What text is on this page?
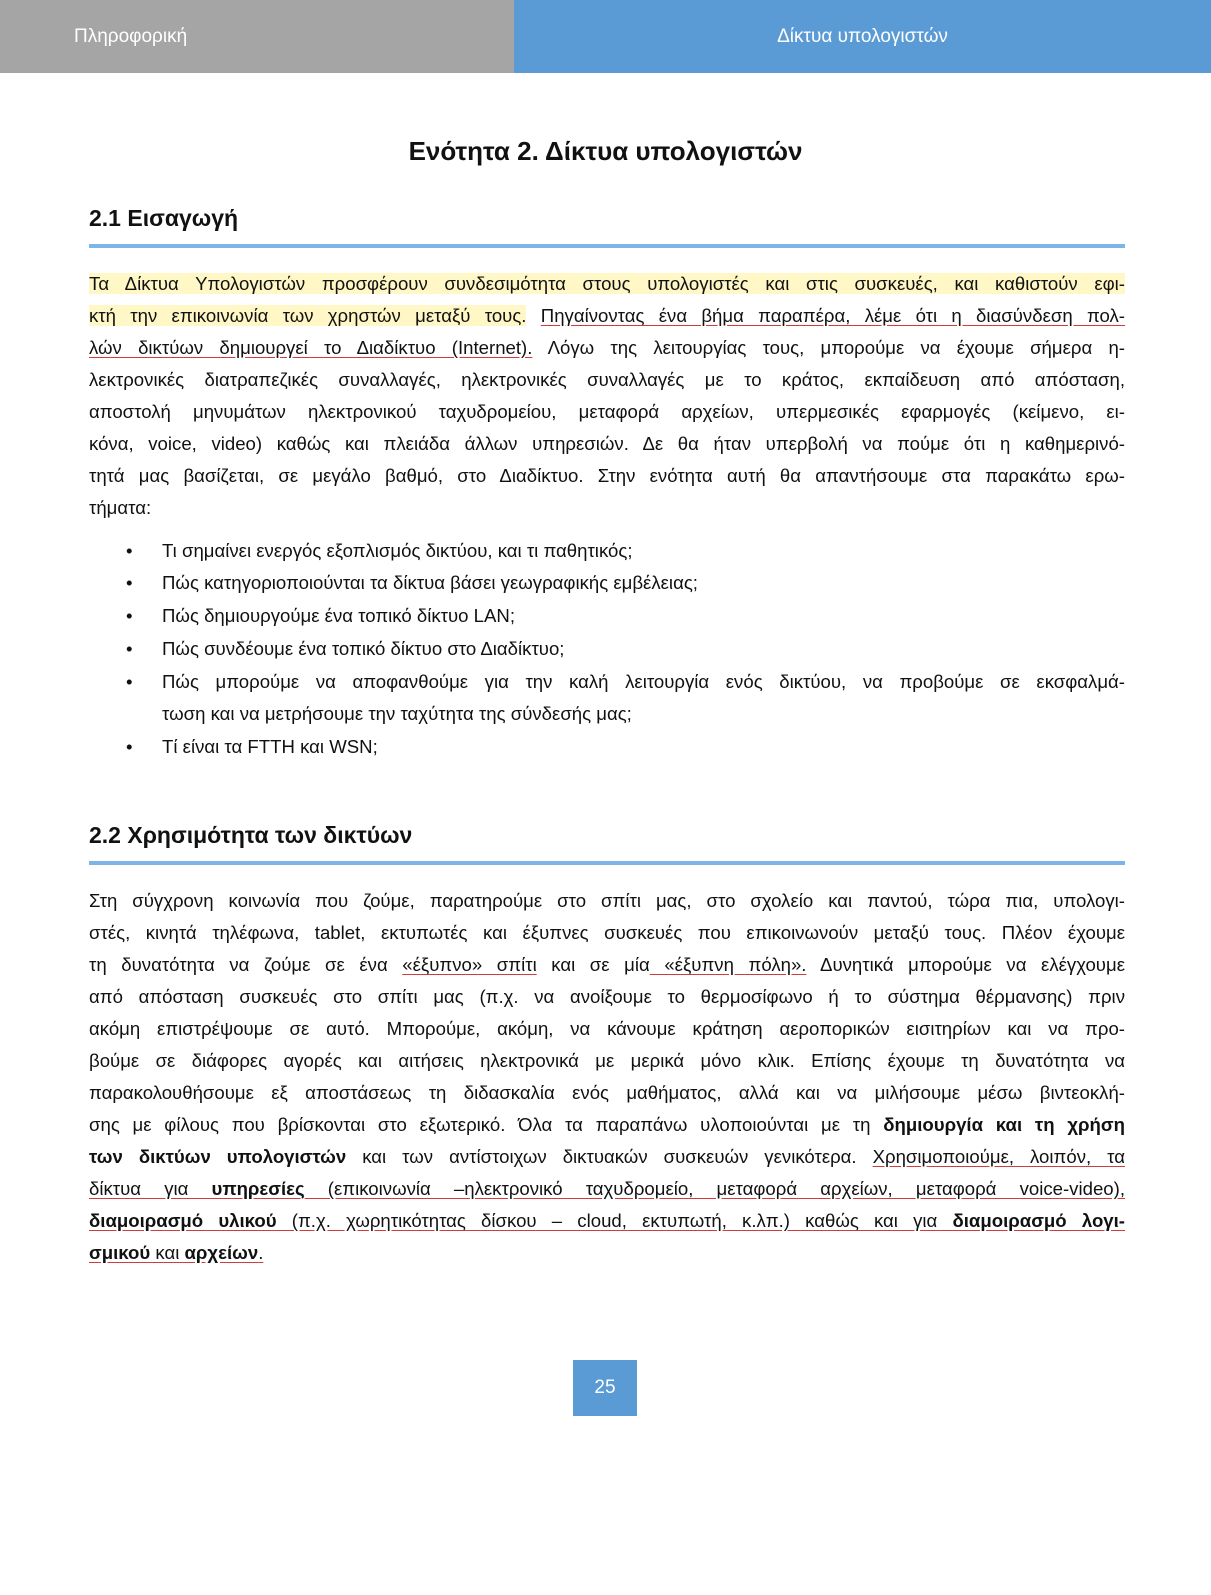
Πληροφορική	Δίκτυα υπολογιστών
Ενότητα 2. Δίκτυα υπολογιστών
2.1 Εισαγωγή
Τα Δίκτυα Υπολογιστών προσφέρουν συνδεσιμότητα στους υπολογιστές και στις συσκευές, και καθιστούν εφι-
κτή την επικοινωνία των χρηστών μεταξύ τους. Πηγαίνοντας ένα βήμα παραπέρα, λέμε ότι η διασύνδεση πολ-
λών δικτύων δημιουργεί το Διαδίκτυο (Internet). Λόγω της λειτουργίας τους, μπορούμε να έχουμε σήμερα η-
λεκτρονικές διατραπεζικές συναλλαγές, ηλεκτρονικές συναλλαγές με το κράτος, εκπαίδευση από απόσταση,
αποστολή μηνυμάτων ηλεκτρονικού ταχυδρομείου, μεταφορά αρχείων, υπερμεσικές εφαρμογές (κείμενο, ει-
κόνα, voice, video) καθώς και πλειάδα άλλων υπηρεσιών. Δε θα ήταν υπερβολή να πούμε ότι η καθημερινό-
τητά μας βασίζεται, σε μεγάλο βαθμό, στο Διαδίκτυο. Στην ενότητα αυτή θα απαντήσουμε στα παρακάτω ερω-
τήματα:
• Τι σημαίνει ενεργός εξοπλισμός δικτύου, και τι παθητικός;
• Πώς κατηγοριοποιούνται τα δίκτυα βάσει γεωγραφικής εμβέλειας;
• Πώς δημιουργούμε ένα τοπικό δίκτυο LAN;
• Πώς συνδέουμε ένα τοπικό δίκτυο στο Διαδίκτυο;
• Πώς μπορούμε να αποφανθούμε για την καλή λειτουργία ενός δικτύου, να προβούμε σε εκσφαλμά-
τωση και να μετρήσουμε την ταχύτητα της σύνδεσής μας;
• Τί είναι τα FTTH και WSN;
2.2 Χρησιμότητα των δικτύων
Στη σύγχρονη κοινωνία που ζούμε, παρατηρούμε στο σπίτι μας, στο σχολείο και παντού, τώρα πια, υπολογι-
στές, κινητά τηλέφωνα, tablet, εκτυπωτές και έξυπνες συσκευές που επικοινωνούν μεταξύ τους. Πλέον έχουμε
τη δυνατότητα να ζούμε σε ένα «έξυπνο» σπίτι και σε μία «έξυπνη πόλη». Δυνητικά μπορούμε να ελέγχουμε
από απόσταση συσκευές στο σπίτι μας (π.χ. να ανοίξουμε το θερμοσίφωνο ή το σύστημα θέρμανσης) πριν
ακόμη επιστρέψουμε σε αυτό. Μπορούμε, ακόμη, να κάνουμε κράτηση αεροπορικών εισιτηρίων και να προ-
βούμε σε διάφορες αγορές και αιτήσεις ηλεκτρονικά με μερικά μόνο κλικ. Επίσης έχουμε τη δυνατότητα να
παρακολουθήσουμε εξ αποστάσεως τη διδασκαλία ενός μαθήματος, αλλά και να μιλήσουμε μέσω βιντεοκλή-
σης με φίλους που βρίσκονται στο εξωτερικό. Όλα τα παραπάνω υλοποιούνται με τη δημιουργία και τη χρήση
των δικτύων υπολογιστών και των αντίστοιχων δικτυακών συσκευών γενικότερα. Χρησιμοποιούμε, λοιπόν, τα
δίκτυα για υπηρεσίες (επικοινωνία –ηλεκτρονικό ταχυδρομείο, μεταφορά αρχείων, μεταφορά voice-video),
διαμοιρασμό υλικού (π.χ. χωρητικότητας δίσκου – cloud, εκτυπωτή, κ.λπ.) καθώς και για διαμοιρασμό λογι-
σμικού και αρχείων.
25
